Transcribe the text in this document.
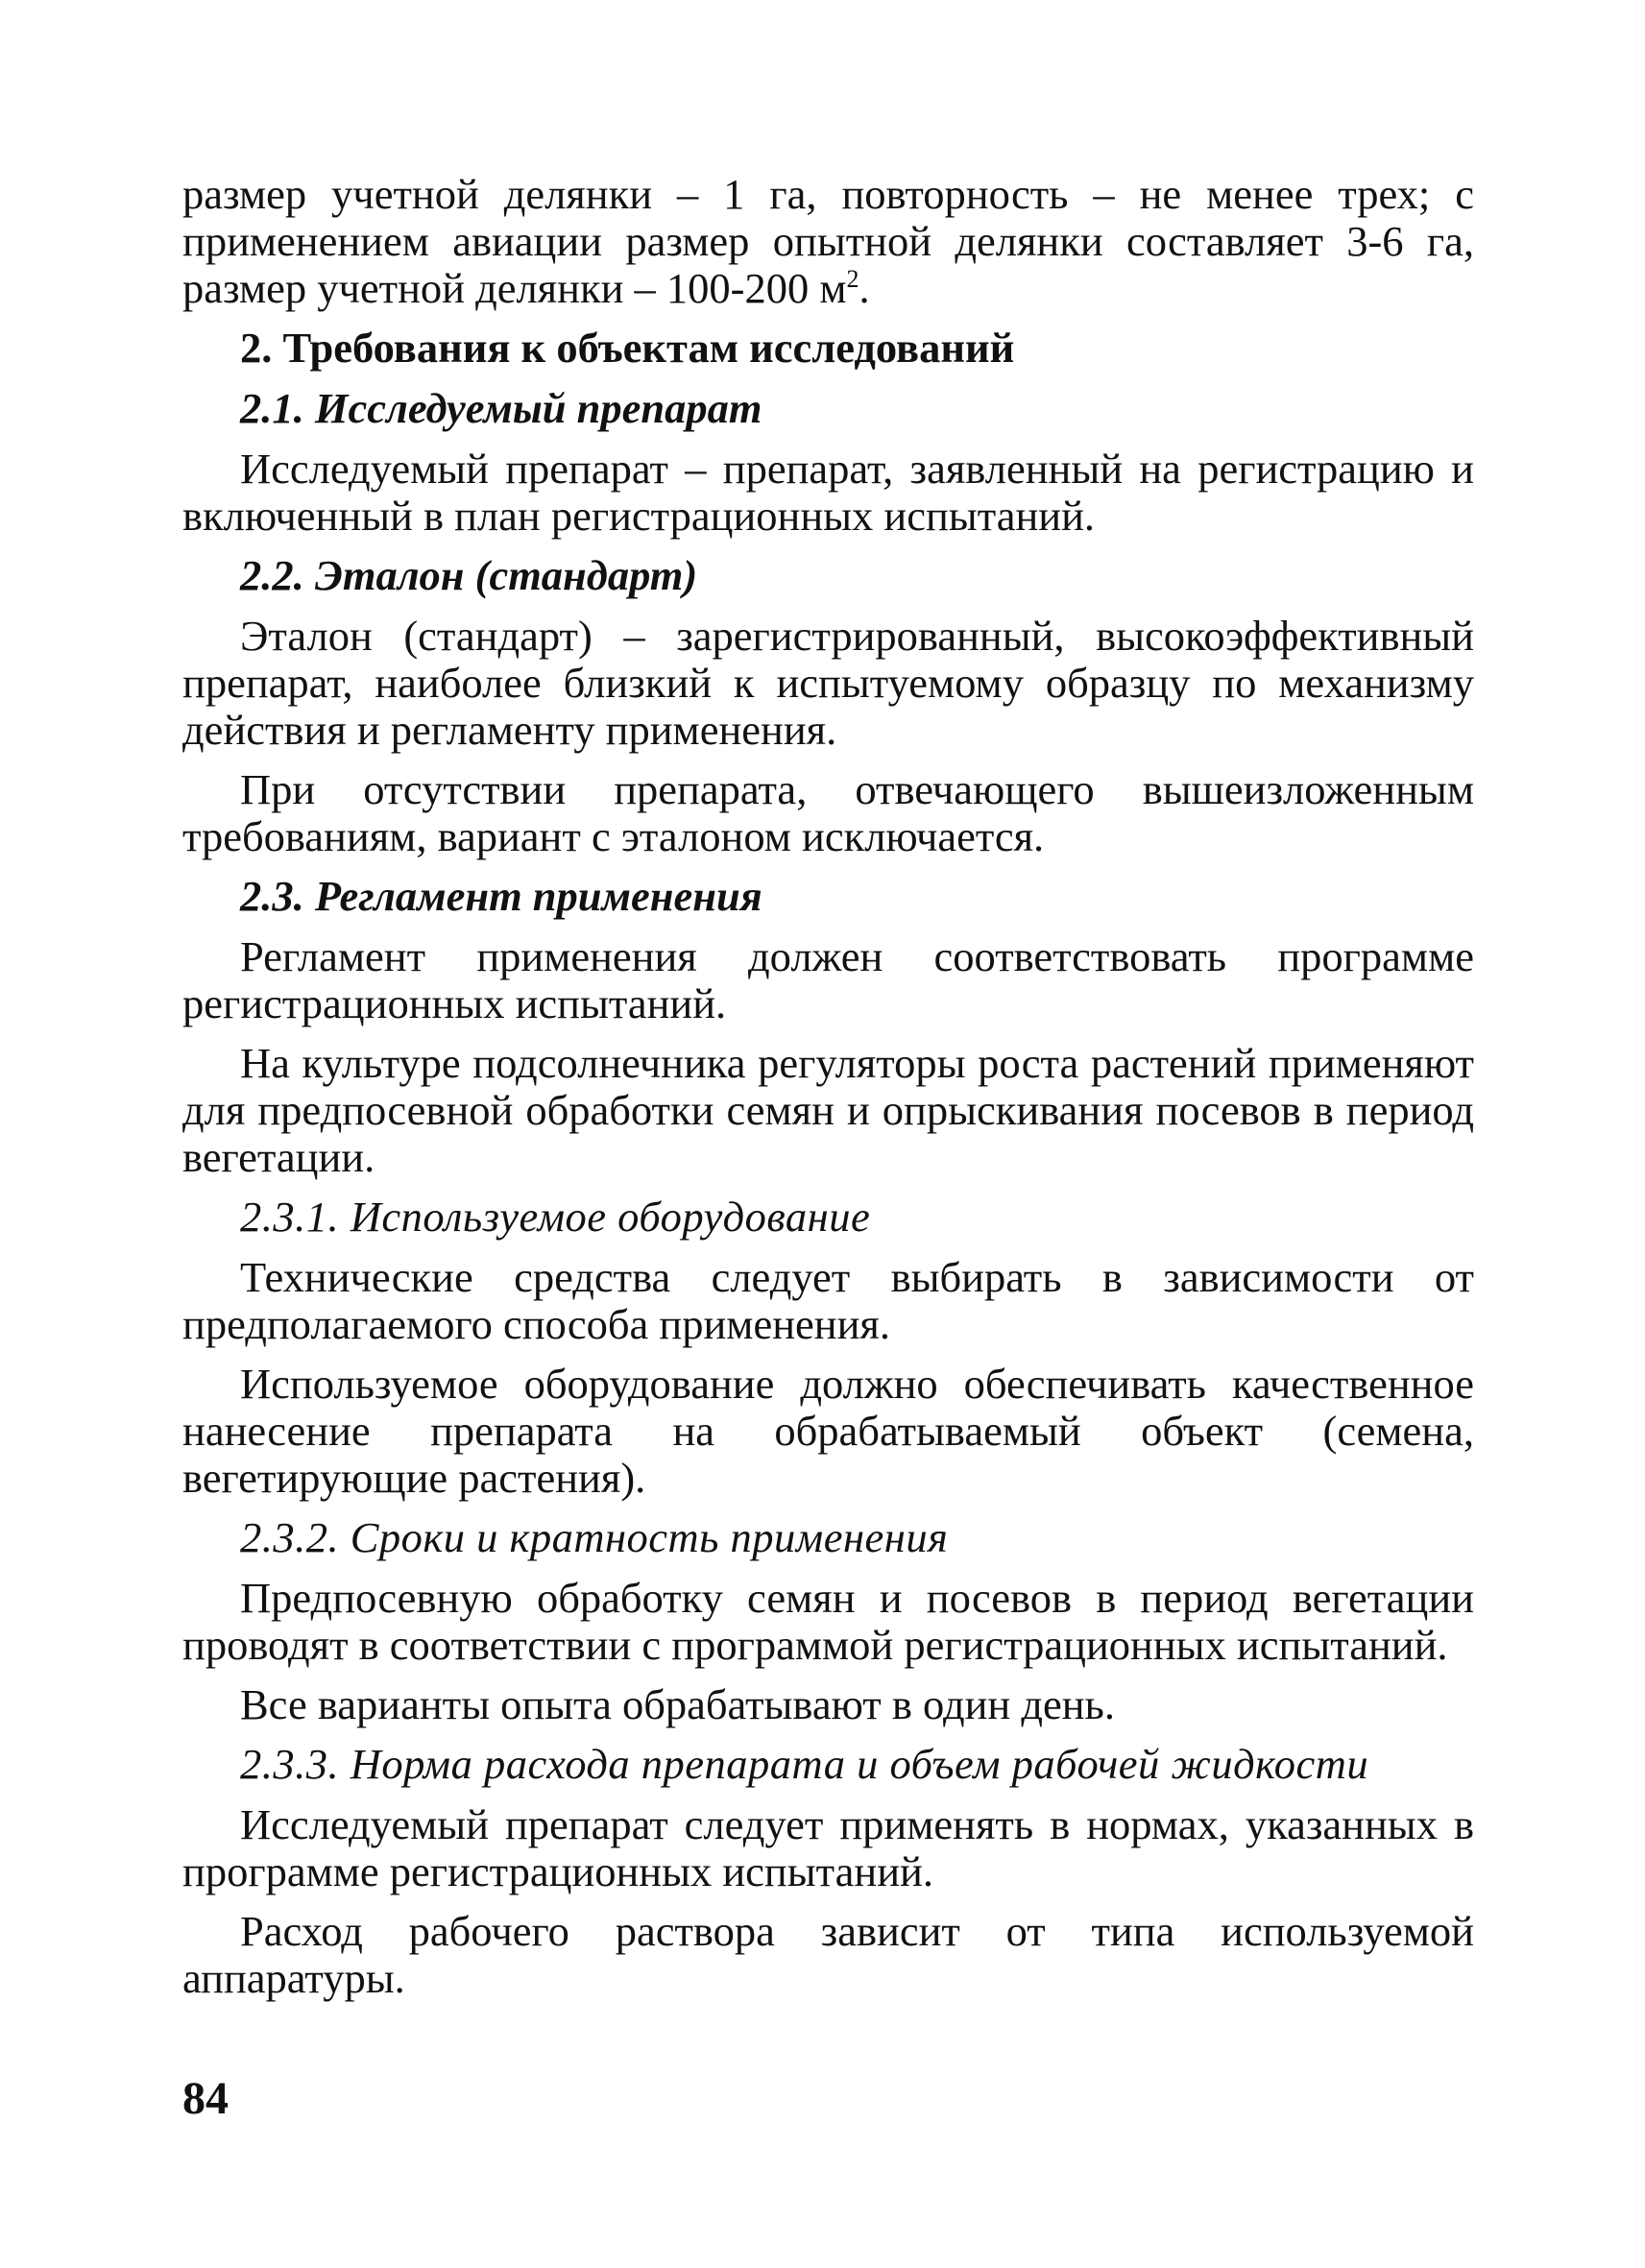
размер учетной делянки – 1 га, повторность – не менее трех; с применением авиации размер опытной делянки составляет 3-6 га, размер учетной делянки – 100-200 $м^2$.

2. Требования к объектам исследований
2.1. Исследуемый препарат

Исследуемый препарат – препарат, заявленный на регистрацию и включенный в план регистрационных испытаний.

2.2. Эталон (стандарт)

Эталон (стандарт) – зарегистрированный, высокоэффективный препарат, наиболее близкий к испытуемому образцу по механизму действия и регламенту применения.

При отсутствии препарата, отвечающего вышеизложенным требованиям, вариант с эталоном исключается.

2.3. Регламент применения

Регламент применения должен соответствовать программе регистрационных испытаний.

На культуре подсолнечника регуляторы роста растений применяют для предпосевной обработки семян и опрыскивания посевов в период вегетации.

2.3.1. Используемое оборудование

Технические средства следует выбирать в зависимости от предполагаемого способа применения.

Используемое оборудование должно обеспечивать качественное нанесение препарата на обрабатываемый объект (семена, вегетирующие растения).

2.3.2. Сроки и кратность применения

Предпосевную обработку семян и посевов в период вегетации проводят в соответствии с программой регистрационных испытаний.

Все варианты опыта обрабатывают в один день.

2.3.3. Норма расхода препарата и объем рабочей жидкости

Исследуемый препарат следует применять в нормах, указанных в программе регистрационных испытаний.

Расход рабочего раствора зависит от типа используемой аппаратуры.

84
